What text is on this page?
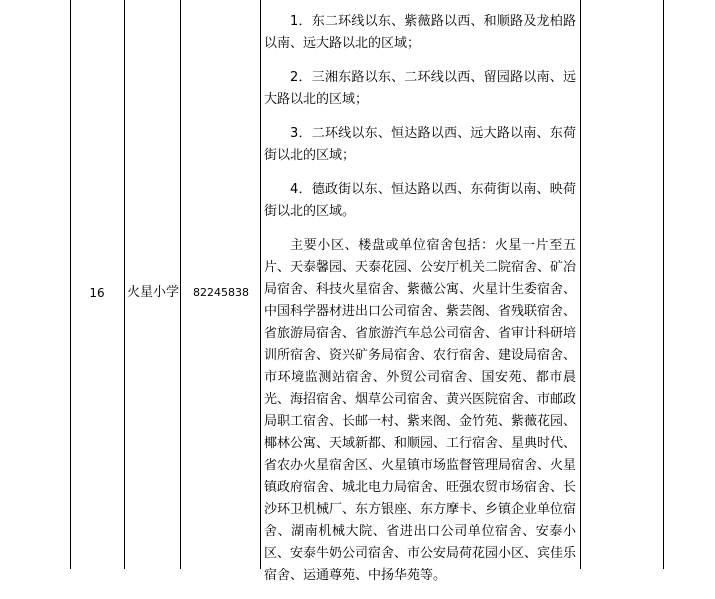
16	火星小学	82245838

1．东二环线以东、紫薇路以西、和顺路及龙柏路以南、远大路以北的区域；

2．三湘东路以东、二环线以西、留园路以南、远大路以北的区域；

3．二环线以东、恒达路以西、远大路以南、东荷街以北的区域；

4．德政街以东、恒达路以西、东荷街以南、映荷街以北的区域。

主要小区、楼盘或单位宿舍包括：火星一片至五片、天泰馨园、天泰花园、公安厅机关二院宿舍、矿冶局宿舍、科技火星宿舍、紫薇公寓、火星计生委宿舍、中国科学器材进出口公司宿舍、紫芸阁、省残联宿舍、省旅游局宿舍、省旅游汽车总公司宿舍、省审计科研培训所宿舍、资兴矿务局宿舍、农行宿舍、建设局宿舍、市环境监测站宿舍、外贸公司宿舍、国安苑、都市晨光、海招宿舍、烟草公司宿舍、黄兴医院宿舍、市邮政局职工宿舍、长邮一村、紫来阁、金竹苑、紫薇花园、椰林公寓、天域新都、和顺园、工行宿舍、星典时代、省农办火星宿舍区、火星镇市场监督管理局宿舍、火星镇政府宿舍、城北电力局宿舍、旺强农贸市场宿舍、长沙环卫机械厂、东方银座、东方摩卡、乡镇企业单位宿舍、湖南机械大院、省进出口公司单位宿舍、安泰小区、安泰牛奶公司宿舍、市公安局荷花园小区、宾佳乐宿舍、运通尊苑、中扬华苑等。
